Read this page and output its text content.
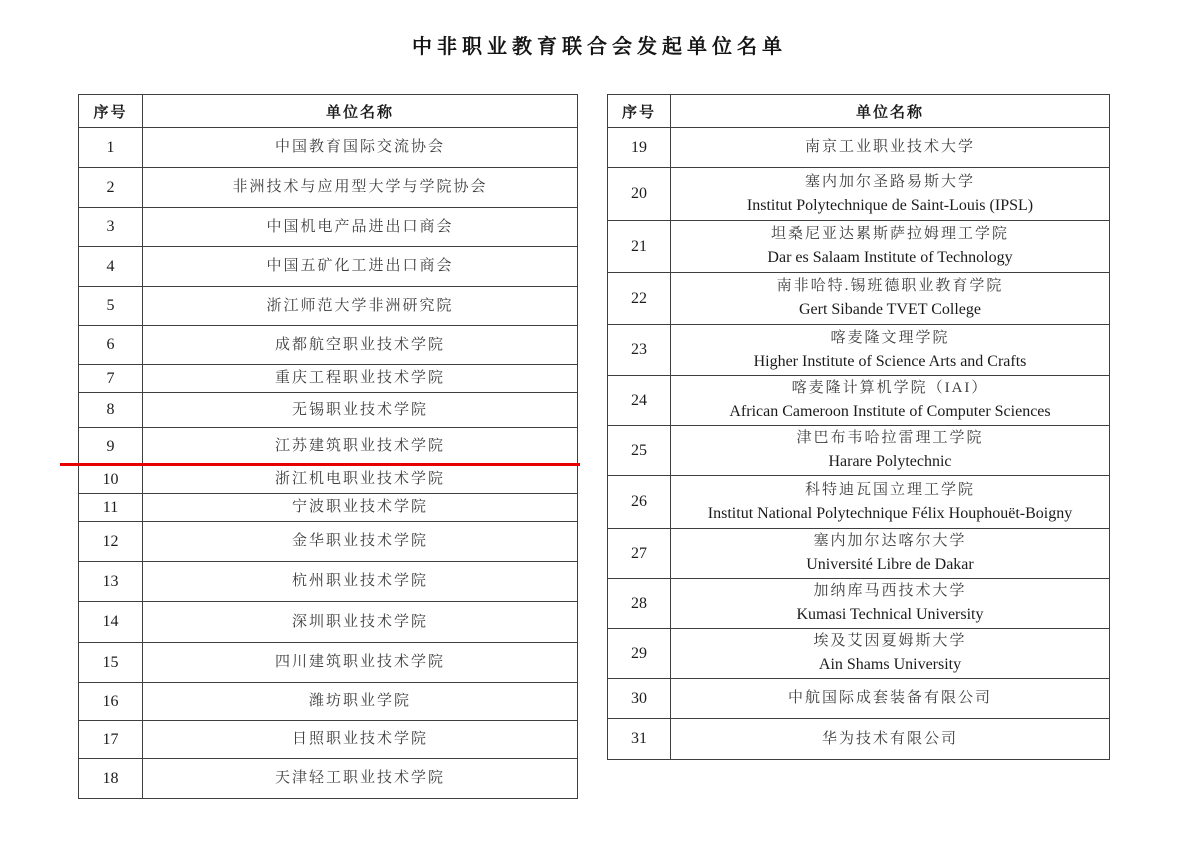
中非职业教育联合会发起单位名单
序号	单位名称
1	中国教育国际交流协会

2	非洲技术与应用型大学与学院协会

3	中国机电产品进出口商会

4	中国五矿化工进出口商会

5	浙江师范大学非洲研究院

6	成都航空职业技术学院

7	重庆工程职业技术学院

8	无锡职业技术学院

9	江苏建筑职业技术学院

10	浙江机电职业技术学院

11	宁波职业技术学院

12	金华职业技术学院

13	杭州职业技术学院

14	深圳职业技术学院

15	四川建筑职业技术学院

16	潍坊职业学院

17	日照职业技术学院

18	天津轻工职业技术学院
序号	单位名称
19	南京工业职业技术大学

20	塞内加尔圣路易斯大学
Institut Polytechnique de Saint-Louis (IPSL)

21	坦桑尼亚达累斯萨拉姆理工学院
Dar es Salaam Institute of Technology

22	南非哈特.锡班德职业教育学院
Gert Sibande TVET College

23	喀麦隆文理学院
Higher Institute of Science Arts and Crafts

24	喀麦隆计算机学院（IAI）
African Cameroon Institute of Computer Sciences

25	津巴布韦哈拉雷理工学院
Harare Polytechnic

26	科特迪瓦国立理工学院
Institut National Polytechnique Félix Houphouët-Boigny

27	塞内加尔达喀尔大学
Université Libre de Dakar

28	加纳库马西技术大学
Kumasi Technical University

29	埃及艾因夏姆斯大学
Ain Shams University

30	中航国际成套装备有限公司

31	华为技术有限公司
